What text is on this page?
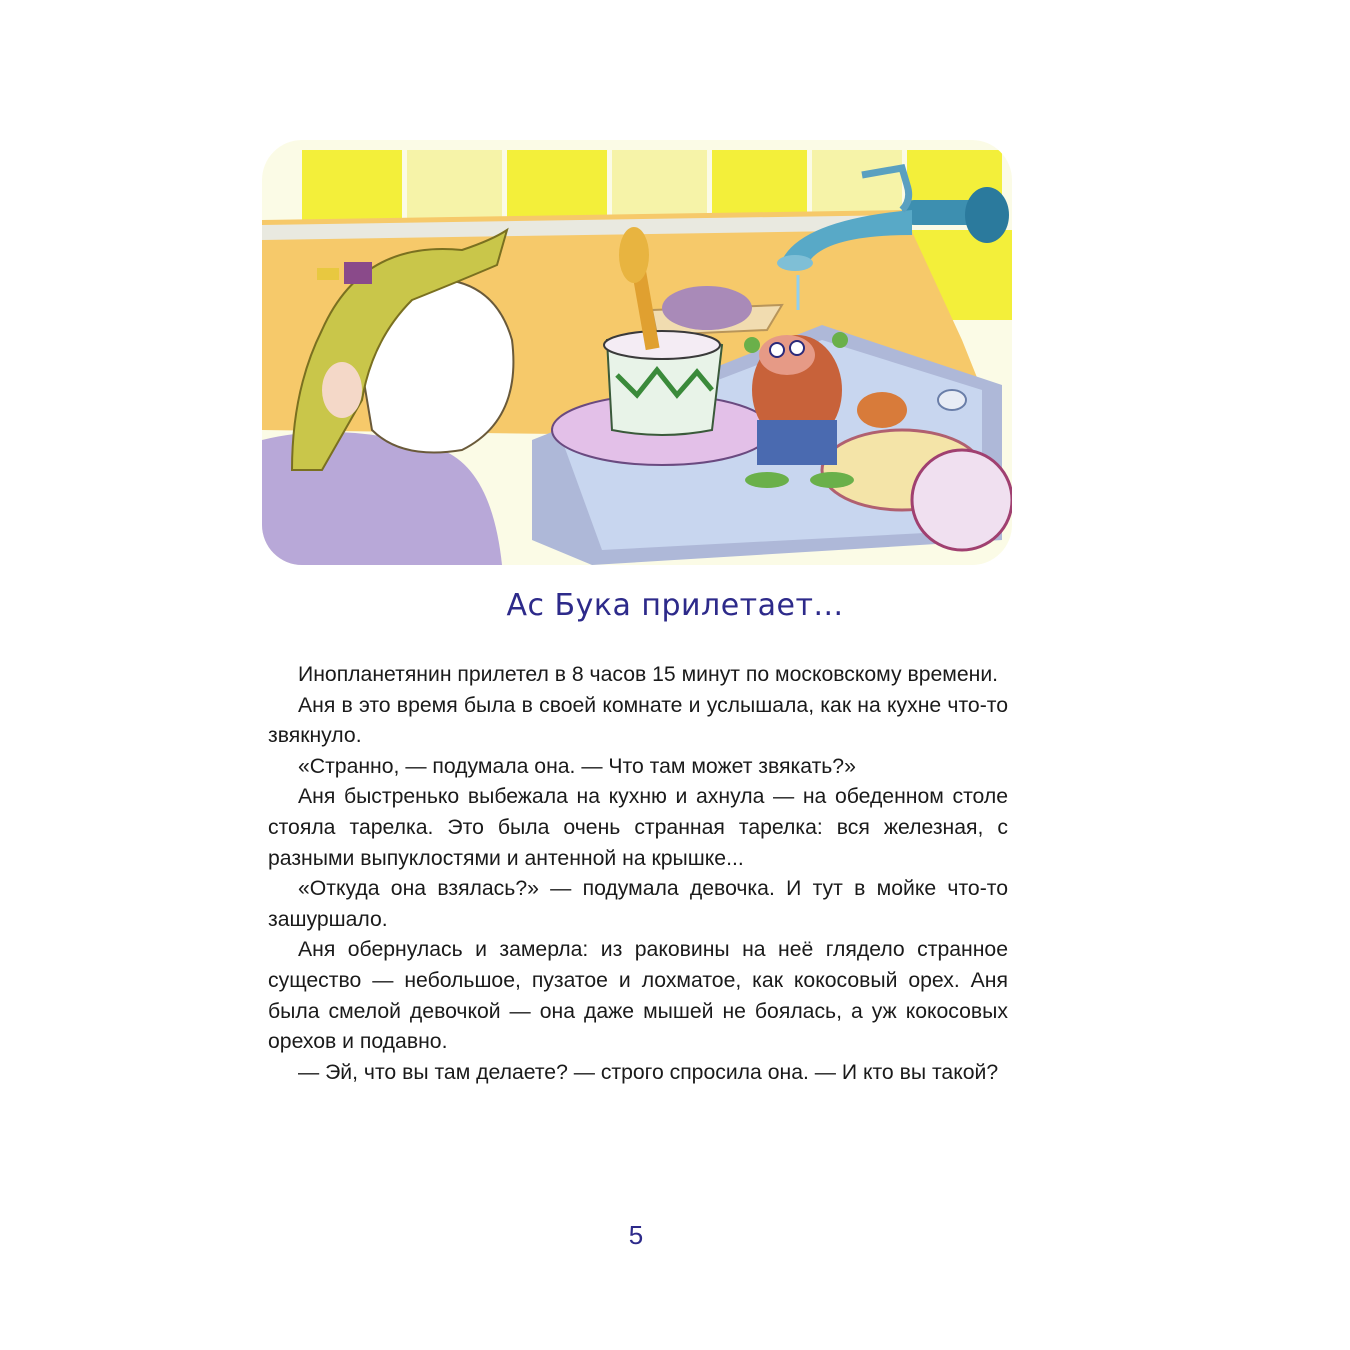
Ас Бука прилетает...

Инопланетянин прилетел в 8 часов 15 минут по московскому времени.

Аня в это время была в своей комнате и услышала, как на кухне что-то звякнуло.

«Странно, — подумала она. — Что там может звякать?»

Аня быстренько выбежала на кухню и ахнула — на обеденном столе стояла тарелка. Это была очень странная тарелка: вся железная, с разными выпуклостями и антенной на крышке...

«Откуда она взялась?» — подумала девочка. И тут в мойке что-то зашуршало.

Аня обернулась и замерла: из раковины на неё глядело странное существо — небольшое, пузатое и лохматое, как кокосовый орех. Аня была смелой девочкой — она даже мышей не боялась, а уж кокосовых орехов и подавно.

— Эй, что вы там делаете? — строго спросила она. — И кто вы такой?

5
